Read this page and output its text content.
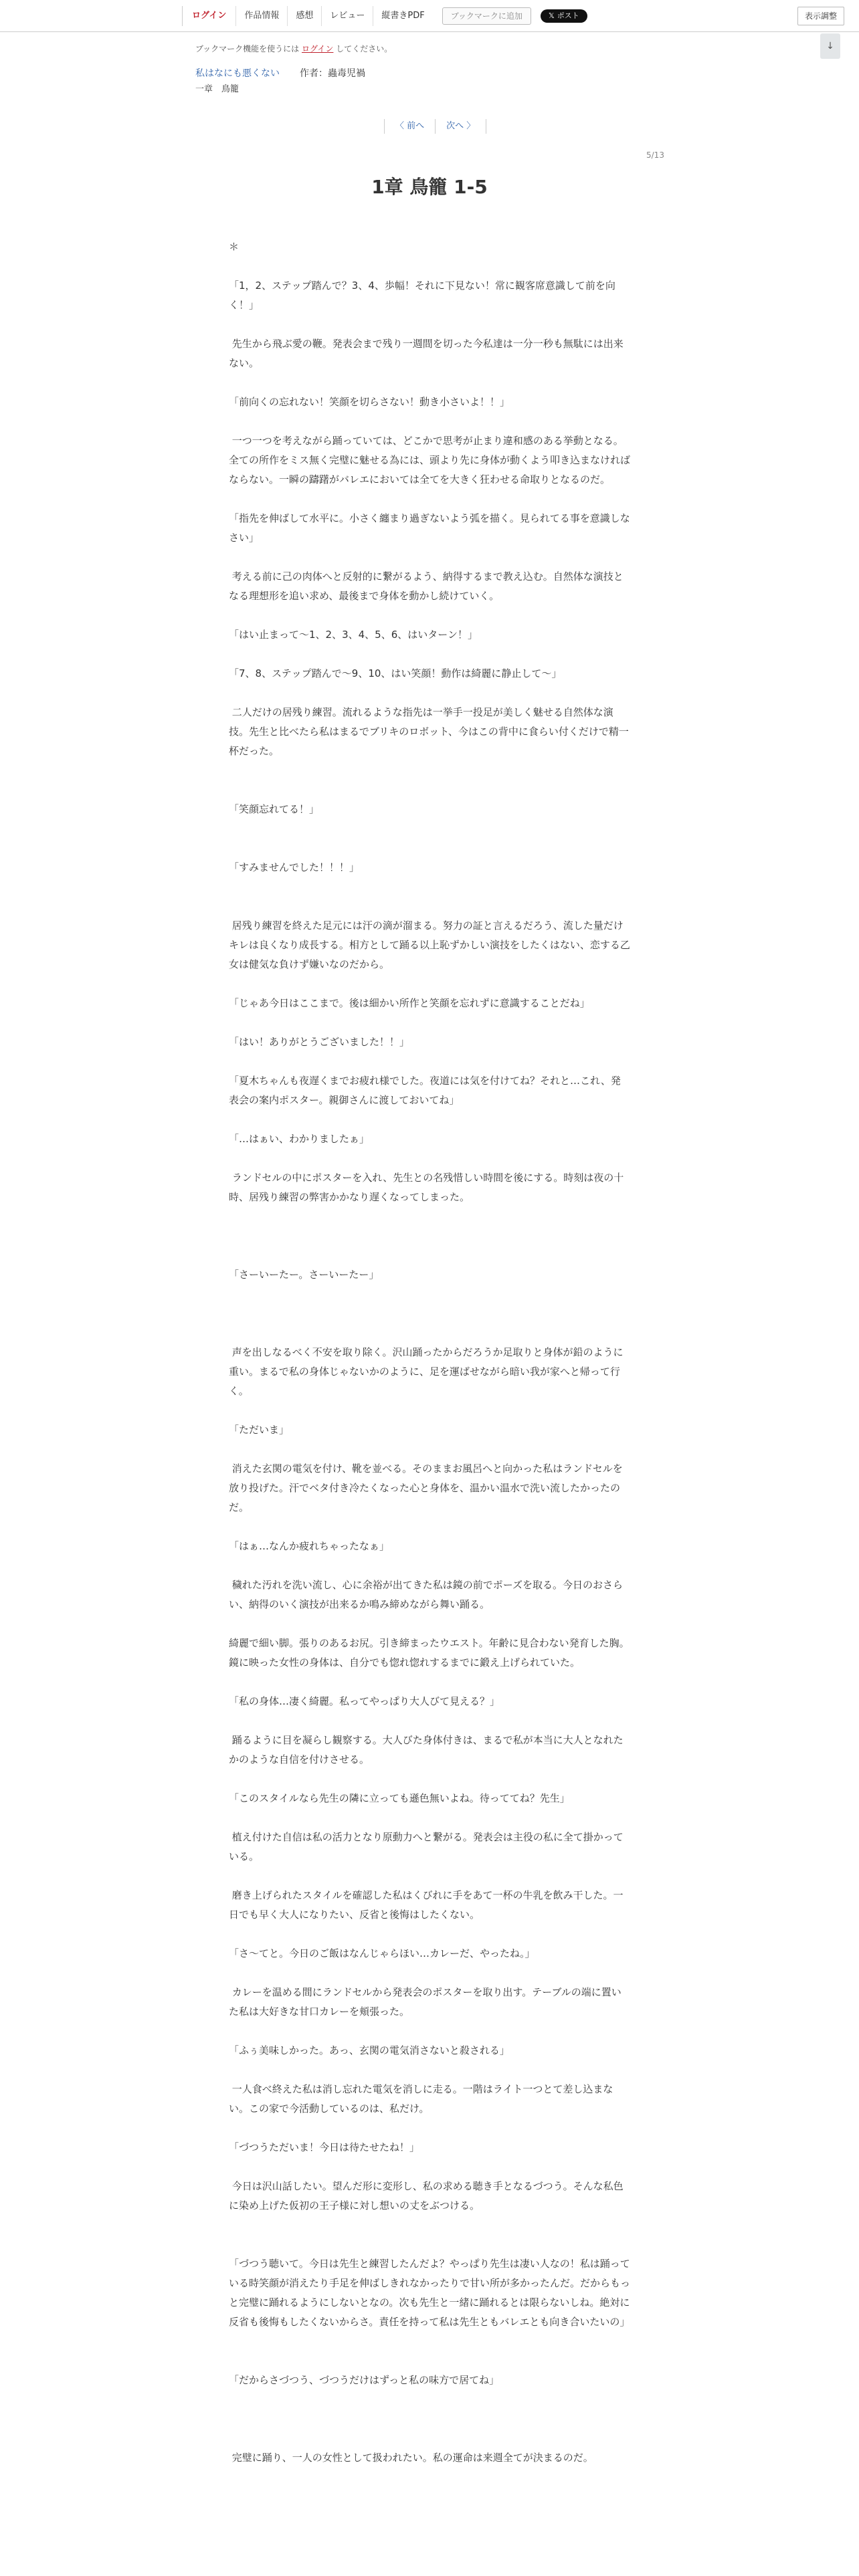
ログイン	作品情報	感想	レビュー	縦書きPDF	ブックマークに追加	𝕏 ポスト	表示調整
↓
ブックマーク機能を使うには ログイン してください。
私はなにも悪くない 作者：蟲毒児禍
一章　鳥籠
〈 前へ	次へ 〉
5/13
1章 鳥籠 1-5

＊

「1，2、ステップ踏んで？3、4、歩幅！それに下見ない！常に観客席意識して前を向く！」

先生から飛ぶ愛の鞭。発表会まで残り一週間を切った今私達は一分一秒も無駄には出来ない。

「前向くの忘れない！笑顔を切らさない！動き小さいよ！！」

一つ一つを考えながら踊っていては、どこかで思考が止まり違和感のある挙動となる。全ての所作をミス無く完璧に魅せる為には、頭より先に身体が動くよう叩き込まなければならない。一瞬の躊躇がバレエにおいては全てを大きく狂わせる命取りとなるのだ。

「指先を伸ばして水平に。小さく纏まり過ぎないよう弧を描く。見られてる事を意識しなさい」

考える前に己の肉体へと反射的に繋がるよう、納得するまで教え込む。自然体な演技となる理想形を追い求め、最後まで身体を動かし続けていく。

「はい止まって〜1、2、3、4、5、6、はいターン！」

「7、8、ステップ踏んで〜9、10、はい笑顔！動作は綺麗に静止して〜」

二人だけの居残り練習。流れるような指先は一挙手一投足が美しく魅せる自然体な演技。先生と比べたら私はまるでブリキのロボット、今はこの背中に食らい付くだけで精一杯だった。

「笑顔忘れてる！」

「すみませんでした！！！」

居残り練習を終えた足元には汗の滴が溜まる。努力の証と言えるだろう、流した量だけキレは良くなり成長する。相方として踊る以上恥ずかしい演技をしたくはない、恋する乙女は健気な負けず嫌いなのだから。

「じゃあ今日はここまで。後は細かい所作と笑顔を忘れずに意識することだね」

「はい！ありがとうございました！！」

「夏木ちゃんも夜遅くまでお疲れ様でした。夜道には気を付けてね？それと…これ、発表会の案内ポスター。親御さんに渡しておいてね」

「…はぁい、わかりましたぁ」

ランドセルの中にポスターを入れ、先生との名残惜しい時間を後にする。時刻は夜の十時、居残り練習の弊害かかなり遅くなってしまった。

「さーいーたー。さーいーたー」

声を出しなるべく不安を取り除く。沢山踊ったからだろうか足取りと身体が鉛のように重い。まるで私の身体じゃないかのように、足を運ばせながら暗い我が家へと帰って行く。

「ただいま」

消えた玄関の電気を付け、靴を並べる。そのままお風呂へと向かった私はランドセルを放り投げた。汗でベタ付き冷たくなった心と身体を、温かい温水で洗い流したかったのだ。

「はぁ…なんか疲れちゃったなぁ」

穢れた汚れを洗い流し、心に余裕が出てきた私は鏡の前でポーズを取る。今日のおさらい、納得のいく演技が出来るか鳴み締めながら舞い踊る。

綺麗で細い脚。張りのあるお尻。引き締まったウエスト。年齢に見合わない発育した胸。鏡に映った女性の身体は、自分でも惚れ惚れするまでに鍛え上げられていた。

「私の身体…凄く綺麗。私ってやっぱり大人びて見える？」

踊るように目を凝らし観察する。大人びた身体付きは、まるで私が本当に大人となれたかのような自信を付けさせる。

「このスタイルなら先生の隣に立っても遜色無いよね。待っててね？先生」

植え付けた自信は私の活力となり原動力へと繋がる。発表会は主役の私に全て掛かっている。

磨き上げられたスタイルを確認した私はくびれに手をあて一杯の牛乳を飲み干した。一日でも早く大人になりたい、反省と後悔はしたくない。

「さ〜てと。今日のご飯はなんじゃらほい…カレーだ、やったね。」

カレーを温める間にランドセルから発表会のポスターを取り出す。テーブルの端に置いた私は大好きな甘口カレーを頬張った。

「ふぅ美味しかった。あっ、玄関の電気消さないと殺される」

一人食べ終えた私は消し忘れた電気を消しに走る。一階はライト一つとて差し込まない。この家で今活動しているのは、私だけ。

「づつうただいま！今日は待たせたね！」

今日は沢山話したい。望んだ形に変形し、私の求める聴き手となるづつう。そんな私色に染め上げた仮初の王子様に対し想いの丈をぶつける。

「づつう聴いて。今日は先生と練習したんだよ？やっぱり先生は凄い人なの！私は踊っている時笑顔が消えたり手足を伸ばしきれなかったりで甘い所が多かったんだ。だからもっと完璧に踊れるようにしないとなの。次も先生と一緒に踊れるとは限らないしね。絶対に反省も後悔もしたくないからさ。責任を持って私は先生ともバレエとも向き合いたいの」

「だからさづつう、づつうだけはずっと私の味方で居てね」

完璧に踊り、一人の女性として扱われたい。私の運命は来週全てが決まるのだ。
